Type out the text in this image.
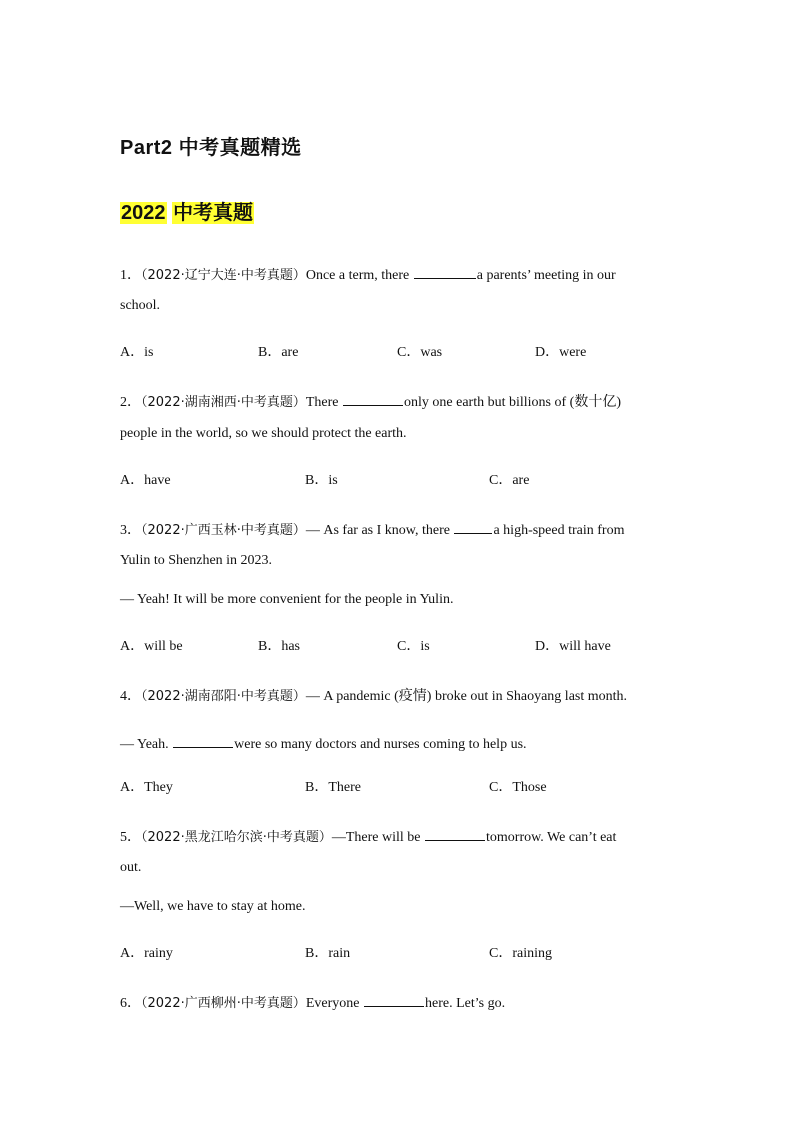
Part2 中考真题精选
2022 中考真题
1．（2022·辽宁大连·中考真题）Once a term, there	a parents’ meeting in our
school.
A．is	B．are	C．was	D．were
2．（2022·湖南湘西·中考真题）There	only one earth but billions of (数十亿)
people in the world, so we should protect the earth.
A．have	B．is	C．are
3．（2022·广西玉林·中考真题）— As far as I know, there	a high-speed train from
Yulin to Shenzhen in 2023.
— Yeah! It will be more convenient for the people in Yulin.
A．will be	B．has	C．is	D．will have
4．（2022·湖南邵阳·中考真题）— A pandemic (疫情) broke out in Shaoyang last month.
— Yeah.	were so many doctors and nurses coming to help us.
A．They	B．There	C．Those
5．（2022·黑龙江哈尔滨·中考真题）—There will be	tomorrow. We can’t eat
out.
—Well, we have to stay at home.
A．rainy	B．rain	C．raining
6．（2022·广西柳州·中考真题）Everyone	here. Let’s go.
